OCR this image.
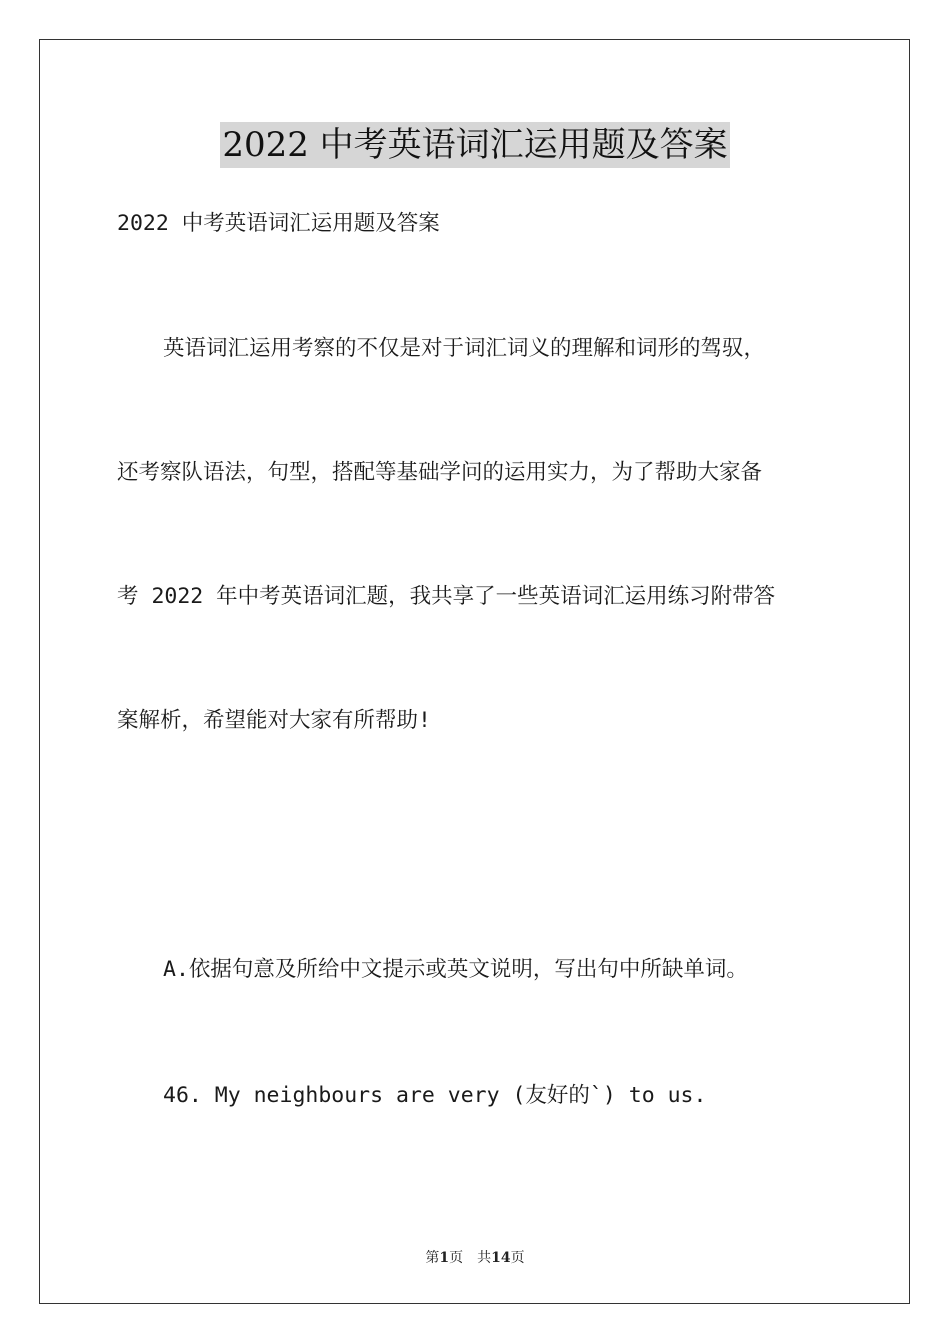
2022 中考英语词汇运用题及答案
2022 中考英语词汇运用题及答案
英语词汇运用考察的不仅是对于词汇词义的理解和词形的驾驭，
还考察队语法，句型，搭配等基础学问的运用实力，为了帮助大家备
考 2022 年中考英语词汇题，我共享了一些英语词汇运用练习附带答
案解析，希望能对大家有所帮助!
A.依据句意及所给中文提示或英文说明，写出句中所缺单词。
46. My neighbours are very (友好的`) to us.
第1页　共14页
